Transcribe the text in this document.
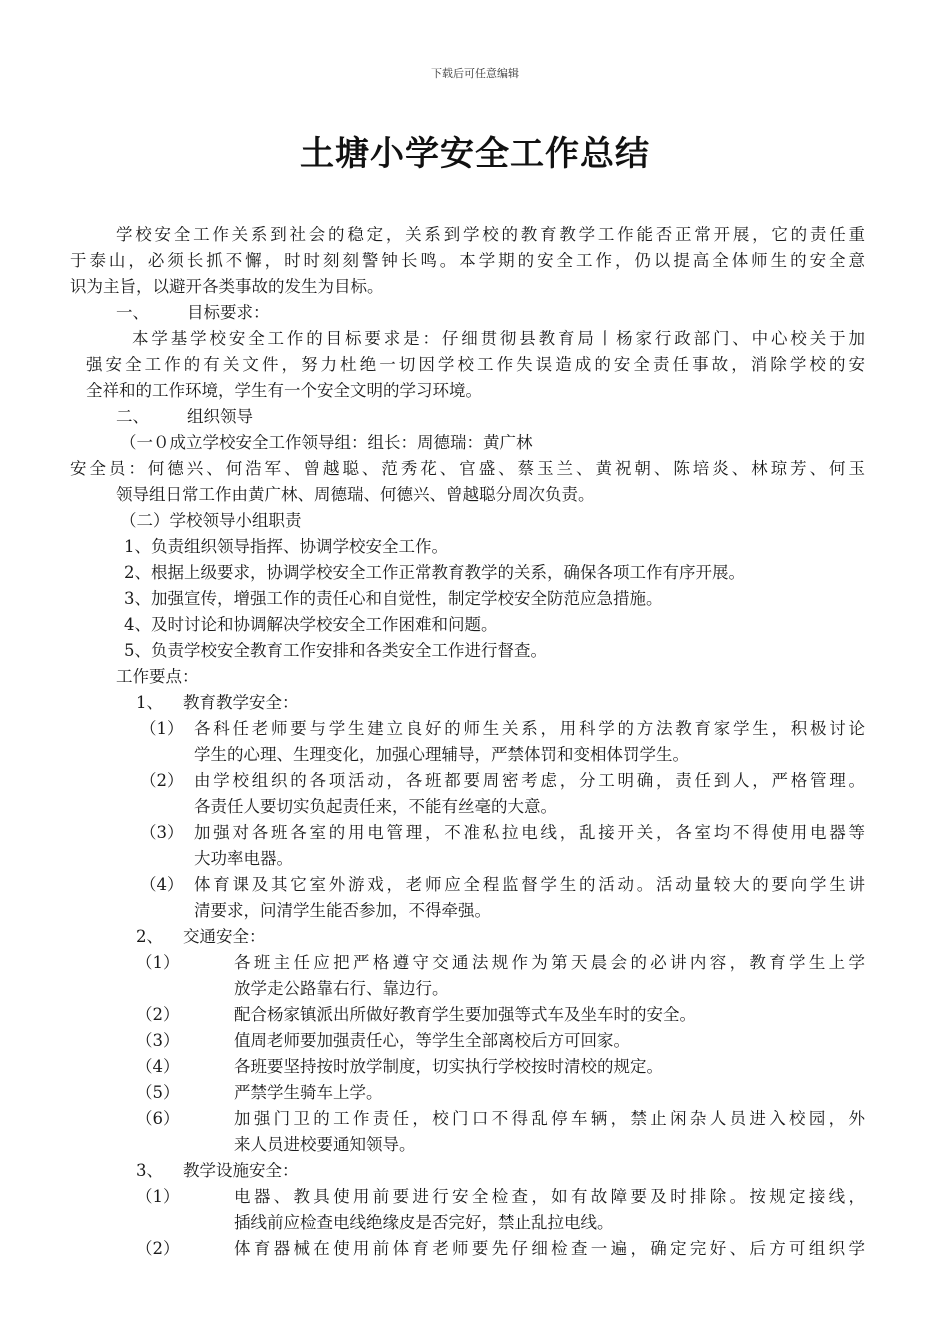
下载后可任意编辑
土塘小学安全工作总结
学校安全工作关系到社会的稳定，关系到学校的教育教学工作能否正常开展，它的责任重
于泰山，必须长抓不懈，时时刻刻警钟长鸣。本学期的安全工作，仍以提高全体师生的安全意
识为主旨，以避开各类事故的发生为目标。
一、 目标要求：
本学基学校安全工作的目标要求是：仔细贯彻县教育局丨杨家行政部门、中心校关于加
强安全工作的有关文件，努力杜绝一切因学校工作失误造成的安全责任事故，消除学校的安
全祥和的工作环境，学生有一个安全文明的学习环境。
二、 组织领导
（一０成立学校安全工作领导组：组长：周德瑞：黄广林
安全员：何德兴、何浩军、曾越聪、范秀花、官盛、蔡玉兰、黄祝朝、陈培炎、林琼芳、何玉
领导组日常工作由黄广林、周德瑞、何德兴、曾越聪分周次负责。
（二）学校领导小组职责
1、负责组织领导指挥、协调学校安全工作。
2、根据上级要求，协调学校安全工作正常教育教学的关系，确保各项工作有序开展。
3、加强宣传，增强工作的责任心和自觉性，制定学校安全防范应急措施。
4、及时讨论和协调解决学校安全工作困难和问题。
5、负责学校安全教育工作安排和各类安全工作进行督查。
工作要点：
1、 教育教学安全：
（1） 各科任老师要与学生建立良好的师生关系，用科学的方法教育家学生，积极讨论
学生的心理、生理变化，加强心理辅导，严禁体罚和变相体罚学生。
（2） 由学校组织的各项活动，各班都要周密考虑，分工明确，责任到人，严格管理。
各责任人要切实负起责任来，不能有丝毫的大意。
（3） 加强对各班各室的用电管理，不准私拉电线，乱接开关，各室均不得使用电器等
大功率电器。
（4） 体育课及其它室外游戏，老师应全程监督学生的活动。活动量较大的要向学生讲
清要求，问清学生能否参加，不得牵强。
2、 交通安全：
（1）	各班主任应把严格遵守交通法规作为第天晨会的必讲内容，教育学生上学
放学走公路靠右行、靠边行。
（2）	配合杨家镇派出所做好教育学生要加强等式车及坐车时的安全。
（3）	值周老师要加强责任心，等学生全部离校后方可回家。
（4）	各班要坚持按时放学制度，切实执行学校按时清校的规定。
（5）	严禁学生骑车上学。
（6）	加强门卫的工作责任，校门口不得乱停车辆，禁止闲杂人员进入校园，外
来人员进校要通知领导。
3、 教学设施安全：
（1）	电器、教具使用前要进行安全检查，如有故障要及时排除。按规定接线，
插线前应检查电线绝缘皮是否完好，禁止乱拉电线。
（2）	体育器械在使用前体育老师要先仔细检查一遍，确定完好、后方可组织学
